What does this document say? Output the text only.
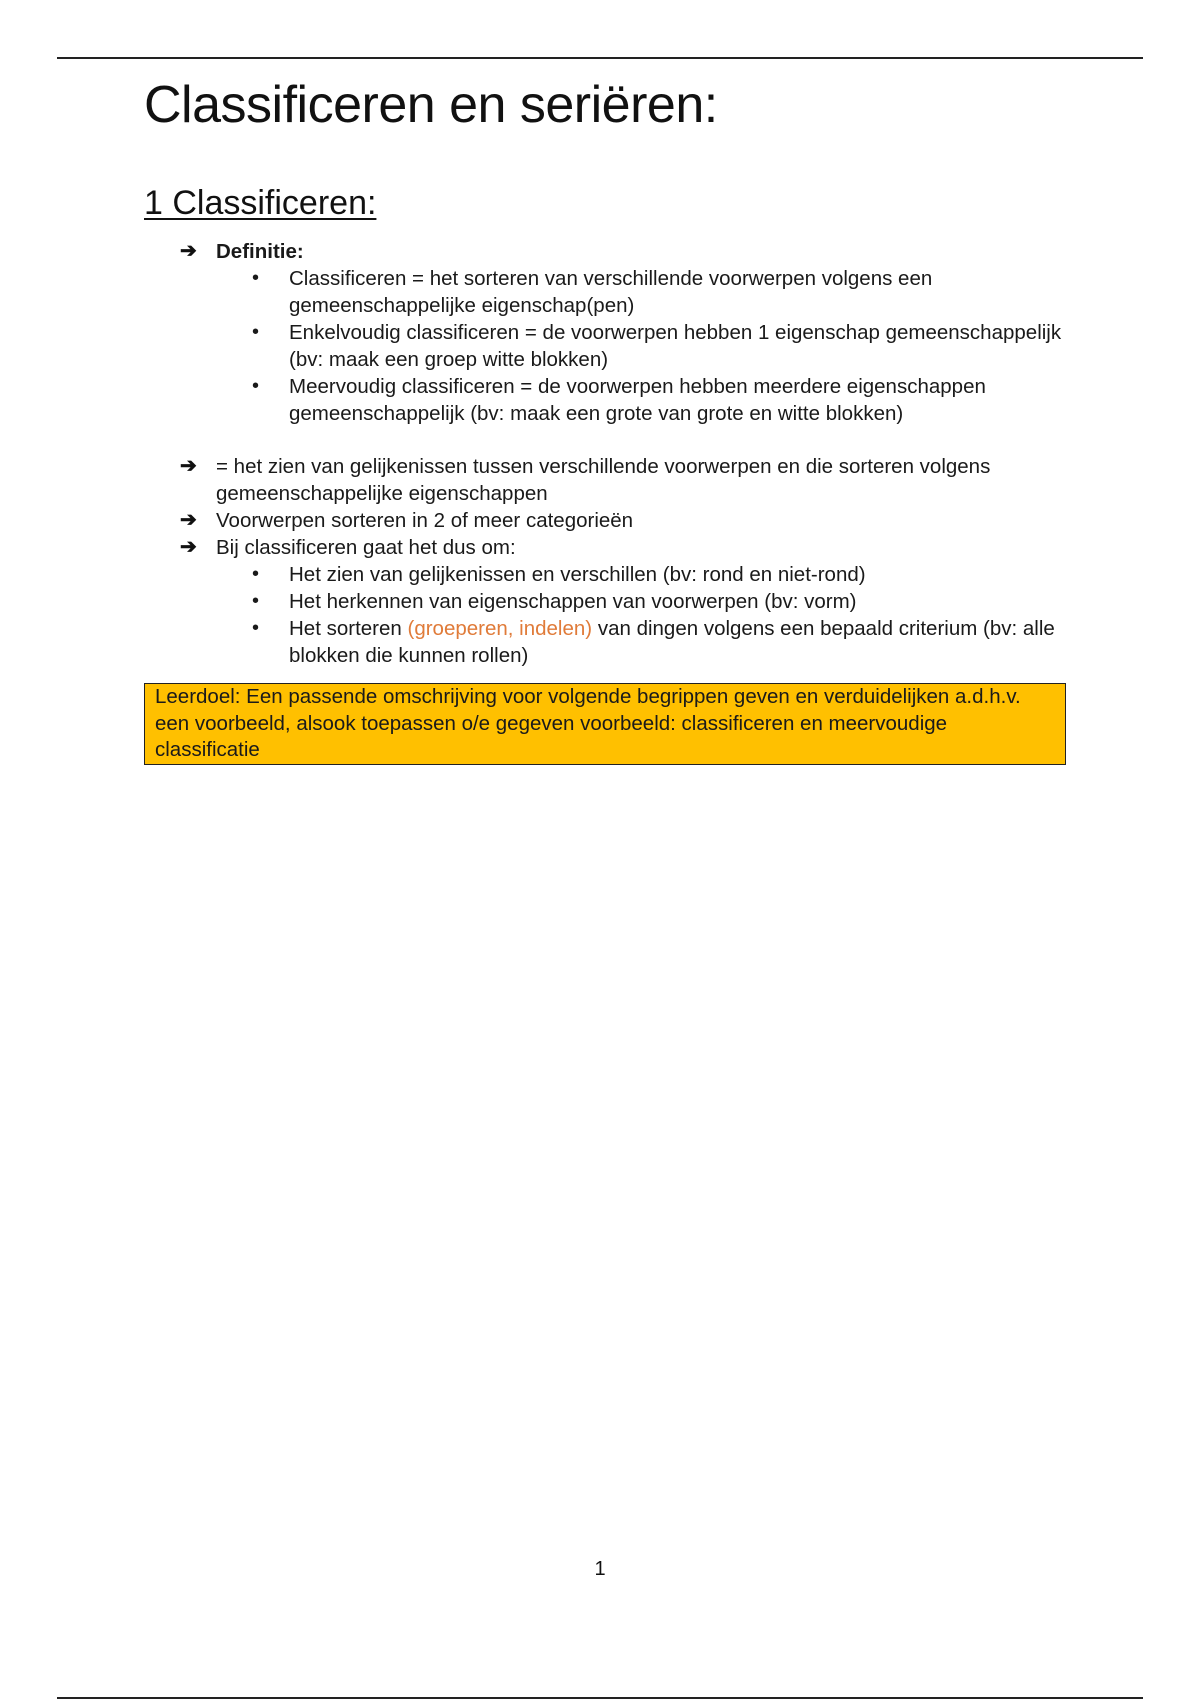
Classificeren en seriëren:
1 Classificeren:
➔ Definitie:
• Classificeren = het sorteren van verschillende voorwerpen volgens een gemeenschappelijke eigenschap(pen)
• Enkelvoudig classificeren = de voorwerpen hebben 1 eigenschap gemeenschappelijk (bv: maak een groep witte blokken)
• Meervoudig classificeren = de voorwerpen hebben meerdere eigenschappen gemeenschappelijk (bv: maak een grote van grote en witte blokken)
➔ = het zien van gelijkenissen tussen verschillende voorwerpen en die sorteren volgens gemeenschappelijke eigenschappen
➔ Voorwerpen sorteren in 2 of meer categorieën
➔ Bij classificeren gaat het dus om:
• Het zien van gelijkenissen en verschillen (bv: rond en niet-rond)
• Het herkennen van eigenschappen van voorwerpen (bv: vorm)
• Het sorteren (groeperen, indelen) van dingen volgens een bepaald criterium (bv: alle blokken die kunnen rollen)
Leerdoel: Een passende omschrijving voor volgende begrippen geven en verduidelijken a.d.h.v. een voorbeeld, alsook toepassen o/e gegeven voorbeeld: classificeren en meervoudige classificatie
1
